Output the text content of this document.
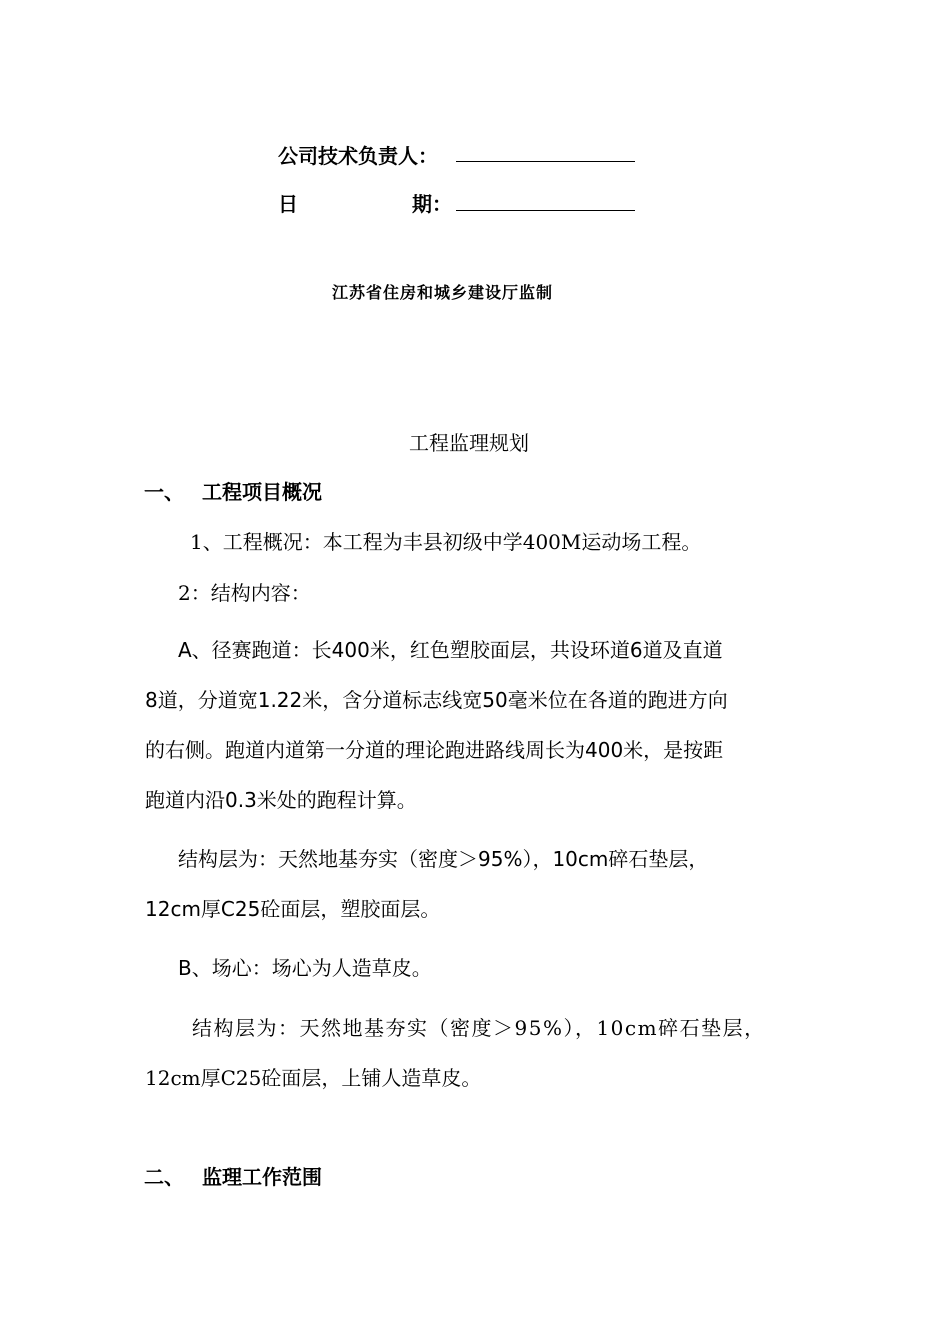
公司技术负责人：
日	期：
江苏省住房和城乡建设厅监制
工程监理规划
一、 工程项目概况
1、工程概况：本工程为丰县初级中学400M运动场工程。
2：结构内容：
A、径赛跑道：长400米，红色塑胶面层，共设环道6道及直道
8道，分道宽1.22米，含分道标志线宽50毫米位在各道的跑进方向
的右侧。跑道内道第一分道的理论跑进路线周长为400米，是按距
跑道内沿0.3米处的跑程计算。
结构层为：天然地基夯实（密度＞95%），10cm碎石垫层，
12cm厚C25砼面层，塑胶面层。
B、场心：场心为人造草皮。
结构层为：天然地基夯实（密度＞95%），10cm碎石垫层，
12cm厚C25砼面层，上铺人造草皮。
二、 监理工作范围
